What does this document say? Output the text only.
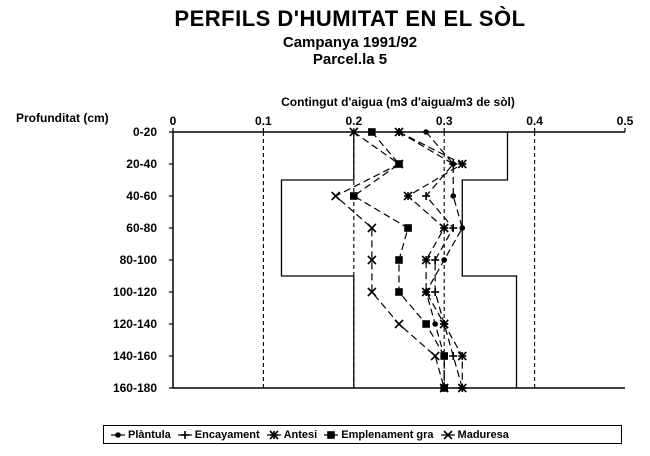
PERFILS D'HUMITAT EN EL SÒL
Campanya 1991/92
Parcel.la 5
0	0.1	0.2	0.3	0.4	0.5
0-20
20-40
40-60
60-80
80-100
100-120
120-140
140-160
160-180
Contingut d'aigua (m3 d'aigua/m3 de sòl)
Profunditat (cm)
Plàntula Encayament Antesi Emplenament gra Maduresa
